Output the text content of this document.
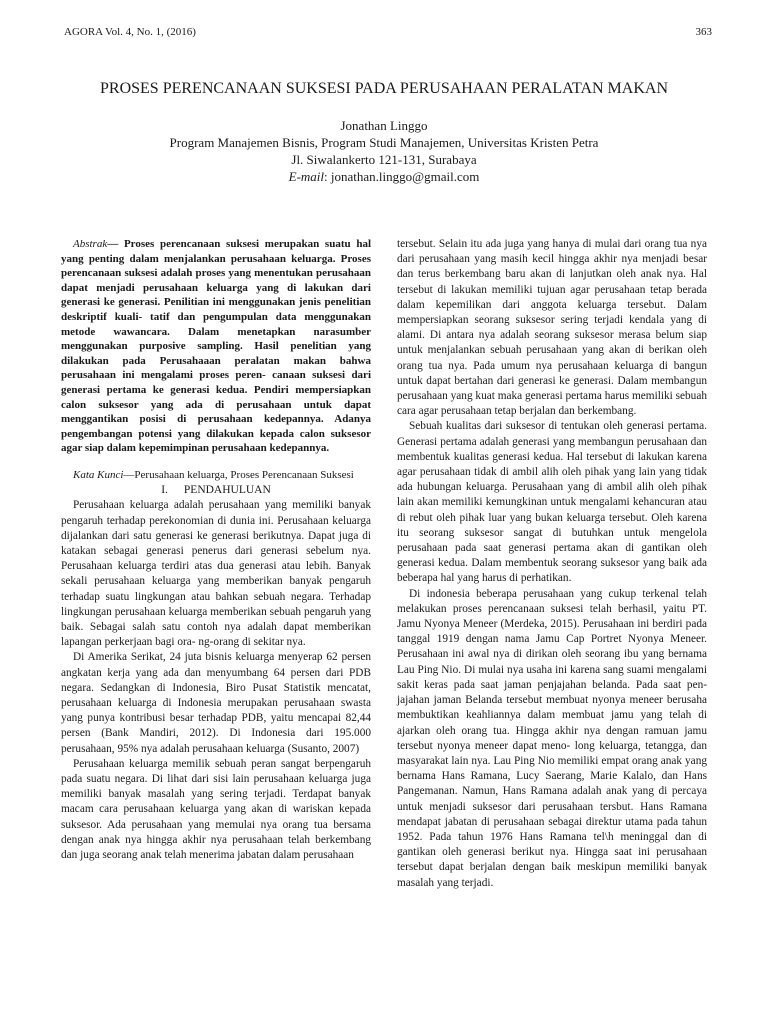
AGORA Vol. 4, No. 1, (2016)	363
PROSES PERENCANAAN SUKSESI PADA PERUSAHAAN PERALATAN MAKAN
Jonathan Linggo
Program Manajemen Bisnis, Program Studi Manajemen, Universitas Kristen Petra
Jl. Siwalankerto 121-131, Surabaya
E-mail: jonathan.linggo@gmail.com

Abstrak— Proses perencanaan suksesi merupakan suatu hal yang penting dalam menjalankan perusahaan keluarga. Proses perencanaan suksesi adalah proses yang menentukan perusahaan dapat menjadi perusahaan keluarga yang di lakukan dari generasi ke generasi. Penilitian ini menggunakan jenis penelitian deskriptif kuali- tatif dan pengumpulan data menggunakan metode wawancara. Dalam menetapkan narasumber menggunakan purposive sampling. Hasil penelitian yang dilakukan pada Perusahaaan peralatan makan bahwa perusahaan ini mengalami proses peren- canaan suksesi dari generasi pertama ke generasi kedua. Pendiri mempersiapkan calon suksesor yang ada di perusahaan untuk dapat menggantikan posisi di perusahaan kedepannya. Adanya pengembangan potensi yang dilakukan kepada calon suksesor agar siap dalam kepemimpinan perusahaan kedepannya.

Kata Kunci—Perusahaan keluarga, Proses Perencanaan Suksesi

I. PENDAHULUAN

Perusahaan keluarga adalah perusahaan yang memiliki banyak pengaruh terhadap perekonomian di dunia ini. Perusahaan keluarga dijalankan dari satu generasi ke generasi berikutnya. Dapat juga di katakan sebagai generasi penerus dari generasi sebelum nya. Perusahaan keluarga terdiri atas dua generasi atau lebih. Banyak sekali perusahaan keluarga yang memberikan banyak pengaruh terhadap suatu lingkungan atau bahkan sebuah negara. Terhadap lingkungan perusahaan keluarga memberikan sebuah pengaruh yang baik. Sebagai salah satu contoh nya adalah dapat memberikan lapangan perkerjaan bagi ora- ng-orang di sekitar nya.

Di Amerika Serikat, 24 juta bisnis keluarga menyerap 62 persen angkatan kerja yang ada dan menyumbang 64 persen dari PDB negara. Sedangkan di Indonesia, Biro Pusat Statistik mencatat, perusahaan keluarga di Indonesia merupakan perusahaan swasta yang punya kontribusi besar terhadap PDB, yaitu mencapai 82,44 persen (Bank Mandiri, 2012). Di Indonesia dari 195.000 perusahaan, 95% nya adalah perusahaan keluarga (Susanto, 2007)

Perusahaan keluarga memilik sebuah peran sangat berpengaruh pada suatu negara. Di lihat dari sisi lain perusahaan keluarga juga memiliki banyak masalah yang sering terjadi. Terdapat banyak macam cara perusahaan keluarga yang akan di wariskan kepada suksesor. Ada perusahaan yang memulai nya orang tua bersama dengan anak nya hingga akhir nya perusahaan telah berkembang dan juga seorang anak telah menerima jabatan dalam perusahaan

tersebut. Selain itu ada juga yang hanya di mulai dari orang tua nya dari perusahaan yang masih kecil hingga akhir nya menjadi besar dan terus berkembang baru akan di lanjutkan oleh anak nya. Hal tersebut di lakukan memiliki tujuan agar perusahaan tetap berada dalam kepemilikan dari anggota keluarga tersebut. Dalam mempersiapkan seorang suksesor sering terjadi kendala yang di alami. Di antara nya adalah seorang suksesor merasa belum siap untuk menjalankan sebuah perusahaan yang akan di berikan oleh orang tua nya. Pada umum nya perusahaan keluarga di bangun untuk dapat bertahan dari generasi ke generasi. Dalam membangun perusahaan yang kuat maka generasi pertama harus memiliki sebuah cara agar perusahaan tetap berjalan dan berkembang.

Sebuah kualitas dari suksesor di tentukan oleh generasi pertama. Generasi pertama adalah generasi yang membangun perusahaan dan membentuk kualitas generasi kedua. Hal tersebut di lakukan karena agar perusahaan tidak di ambil alih oleh pihak yang lain yang tidak ada hubungan keluarga. Perusahaan yang di ambil alih oleh pihak lain akan memiliki kemungkinan untuk mengalami kehancuran atau di rebut oleh pihak luar yang bukan keluarga tersebut. Oleh karena itu seorang suksesor sangat di butuhkan untuk mengelola perusahaan pada saat generasi pertama akan di gantikan oleh generasi kedua. Dalam membentuk seorang suksesor yang baik ada beberapa hal yang harus di perhatikan.

Di indonesia beberapa perusahaan yang cukup terkenal telah melakukan proses perencanaan suksesi telah berhasil, yaitu PT. Jamu Nyonya Meneer (Merdeka, 2015). Perusahaan ini berdiri pada tanggal 1919 dengan nama Jamu Cap Portret Nyonya Meneer. Perusahaan ini awal nya di dirikan oleh seorang ibu yang bernama Lau Ping Nio. Di mulai nya usaha ini karena sang suami mengalami sakit keras pada saat jaman penjajahan belanda. Pada saat pen- jajahan jaman Belanda tersebut membuat nyonya meneer berusaha membuktikan keahliannya dalam membuat jamu yang telah di ajarkan oleh orang tua. Hingga akhir nya dengan ramuan jamu tersebut nyonya meneer dapat meno- long keluarga, tetangga, dan masyarakat lain nya. Lau Ping Nio memiliki empat orang anak yang bernama Hans Ramana, Lucy Saerang, Marie Kalalo, dan Hans Pangemanan. Namun, Hans Ramana adalah anak yang di percaya untuk menjadi suksesor dari perusahaan tersbut. Hans Ramana mendapat jabatan di perusahaan sebagai direktur utama pada tahun 1952. Pada tahun 1976 Hans Ramana tel\h meninggal dan di gantikan oleh generasi berikut nya. Hingga saat ini perusahaan tersebut dapat berjalan dengan baik meskipun memiliki banyak masalah yang terjadi.
